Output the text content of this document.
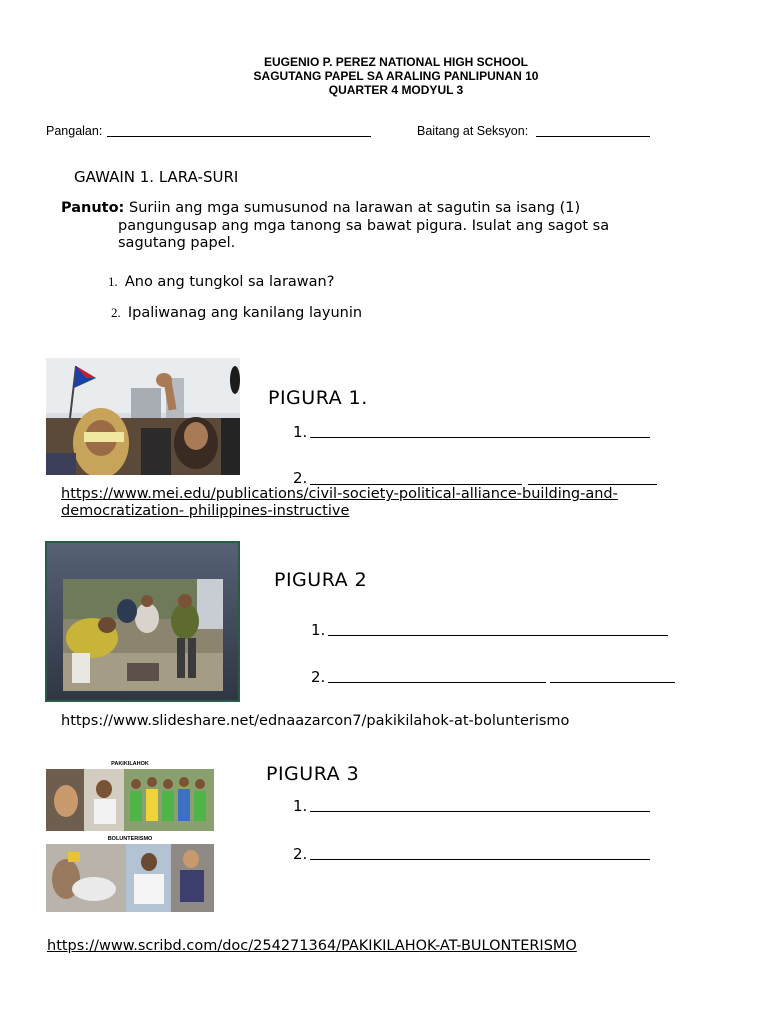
EUGENIO P. PEREZ NATIONAL HIGH SCHOOL
SAGUTANG PAPEL SA ARALING PANLIPUNAN 10
QUARTER 4 MODYUL 3
Pangalan:	Baitang at Seksyon:
GAWAIN 1. LARA-SURI
Panuto: Suriin ang mga sumusunod na larawan at sagutin sa isang (1)
pangungusap ang mga tanong sa bawat pigura. Isulat ang sagot sa
sagutang papel.
1. Ano ang tungkol sa larawan?
2. Ipaliwanag ang kanilang layunin
PIGURA 1.
1.
2.
https://www.mei.edu/publications/civil-society-political-alliance-building-and-
democratization- philippines-instructive
PIGURA 2
1.
2.
https://www.slideshare.net/ednaazarcon7/pakikilahok-at-bolunterismo
PAKIKILAHOK
BOLUNTERISMO
PIGURA 3
1.
2.
https://www.scribd.com/doc/254271364/PAKIKILAHOK-AT-BULONTERISMO
